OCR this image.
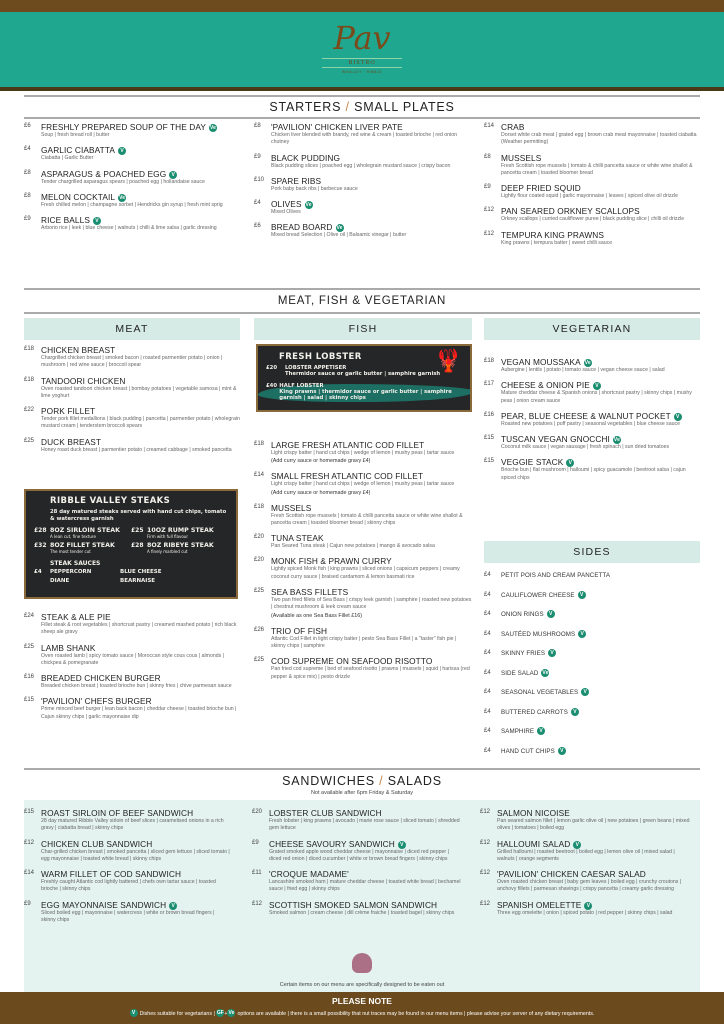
Pav
BISTRO
WHALLEY · RIBBLE
STARTERS / SMALL PLATES
£6	FRESHLY PREPARED SOUP OF THE DAY Ve
Soup | fresh bread roll | butter
£4	GARLIC CIABATTA V
Ciabatta | Garlic Butter
£8	ASPARAGUS & POACHED EGG V
Tender chargrilled asparagus spears | poached egg | hollandaise sauce
£8	MELON COCKTAIL Ve
Fresh chilled melon | champagne sorbet | Hendricks gin syrup | fresh mint sprig
£9	RICE BALLS V
Arborio rice | leek | blue cheese | walnuts | chilli & lime salsa | garlic dressing
£8	'PAVILION' CHICKEN LIVER PATE
Chicken liver blended with brandy, red wine & cream | toasted brioche | red onion chutney
£9	BLACK PUDDING
Black pudding slices | poached egg | wholegrain mustard sauce | crispy bacon
£10 SPARE RIBS
Pork baby back ribs | barbecue sauce
£4	OLIVES Ve
Mixed Olives
£6	BREAD BOARD Ve
Mixed bread Selection | Olive oil | Balsamic vinegar | butter
£14 CRAB
Dorset white crab meat | grated egg | brown crab meat mayonnaise | toasted ciabatta (Weather permitting)
£8	MUSSELS
Fresh Scottish rope mussels | tomato & chilli pancetta sauce or white wine shallot & pancetta cream | toasted bloomer bread
£9	DEEP FRIED SQUID
Lightly flour coated squid | garlic mayonnaise | leaves | spiced olive oil drizzle
£12 PAN SEARED ORKNEY SCALLOPS
Orkney scallops | curried cauliflower puree | black pudding slice | chilli oil drizzle
£12 TEMPURA KING PRAWNS
King prawns | tempura batter | sweet chilli sauce
MEAT, FISH & VEGETARIAN
MEAT	FISH	VEGETARIAN
£18 CHICKEN BREAST
Chargrilled chicken breast | smoked bacon | roasted parmentier potato | onion | mushroom | red wine sauce | broccoli spear
£18 TANDOORI CHICKEN
Oven roasted tandoori chicken breast | bombay potatoes | vegetable samosa | mint & lime yoghurt
£22 PORK FILLET
Tender pork fillet medallions | black pudding | pancetta | parmentier potato | wholegrain mustard cream | tenderstem broccoli spears
£25 DUCK BREAST
Honey roast duck breast | parmentier potato | creamed cabbage | smoked pancetta
RIBBLE VALLEY STEAKS
28 day matured steaks served with hand cut chips, tomato & watercress garnish
£28 8OZ SIRLOIN STEAK
A lean cut, fine texture
£25 10OZ RUMP STEAK
Firm with full flavour
£32 8OZ FILLET STEAK
The most tender cut
£28 8OZ RIBEYE STEAK
A finely marbled cut
STEAK SAUCES
£4	PEPPERCORN	BLUE CHEESE
DIANE	BEARNAISE
£24 STEAK & ALE PIE
Fillet steak & root vegetables | shortcrust pastry | creamed mashed potato | rich black sheep ale gravy
£25 LAMB SHANK
Oven roasted lamb | spicy tomato sauce | Moroccan style cous cous | almonds | chickpea & pomegranate
£16 BREADED CHICKEN BURGER
Breaded chicken breast | toasted brioche bun | skinny fries | chive parmesan sauce
£15 'PAVILION' CHEFS BURGER
Prime minced beef burger | lean back bacon | cheddar cheese | toasted brioche bun | Cajun skinny chips | garlic mayonnaise dip
FRESH LOBSTER
£20	LOBSTER APPETISER
Thermidor sauce or garlic butter | samphire garnish
£40 HALF LOBSTER
King prawns | thermidor sauce or garlic butter | samphire garnish | salad | skinny chips
🦞
£18 LARGE FRESH ATLANTIC COD FILLET
Light crispy batter | hand cut chips | wedge of lemon | mushy peas | tartar sauce
(Add curry sauce or homemade gravy £4)
£14 SMALL FRESH ATLANTIC COD FILLET
Light crispy batter | hand cut chips | wedge of lemon | mushy peas | tartar sauce
(Add curry sauce or homemade gravy £4)
£18 MUSSELS
Fresh Scottish rope mussels | tomato & chilli pancetta sauce or white wine shallot & pancetta cream | toasted bloomer bread | skinny chips
£20 TUNA STEAK
Pan Seared Tuna steak | Cajun new potatoes | mango & avocado salsa
£20 MONK FISH & PRAWN CURRY
Lightly spiced Monk fish | king prawns | sliced onions | capsicum peppers | creamy coconut curry sauce | braised cardamom & lemon basmati rice
£25 SEA BASS FILLETS
Two pan fried fillets of Sea Bass | crispy leek garnish | samphire | roasted new potatoes | chestnut mushroom & leek cream sauce
(Available as one Sea Bass Fillet £16)
£26 TRIO OF FISH
Atlantic Cod Fillet in light crispy batter | pesto Sea Bass Fillet | a "taster" fish pie | skinny chips | samphire
£25 COD SUPREME ON SEAFOOD RISOTTO
Pan fried cod supreme | bed of seafood risotto | prawns | mussels | squid | harissa (red pepper & spice mix) | pesto drizzle
£18 VEGAN MOUSSAKA Ve
Aubergine | lentils | potato | tomato sauce | vegan cheese sauce | salad
£17 CHEESE & ONION PIE V
Mature cheddar cheese & Spanish onions | shortcrust pastry | skinny chips | mushy peas | onion cream sauce
£16 PEAR, BLUE CHEESE & WALNUT POCKET V
Roasted new potatoes | puff pastry | seasonal vegetables | blue cheese sauce
£15 TUSCAN VEGAN GNOCCHI Ve
Coconut milk sauce | vegan sausage | fresh spinach | sun dried tomatoes
£15 VEGGIE STACK V
Brioche bun | flat mushroom | halloumi | spicy guacamole | beetroot salsa | cajun spiced chips
SIDES
£4	PETIT POIS AND CREAM PANCETTA
£4	CAULIFLOWER CHEESE V
£4	ONION RINGS V
£4	SAUTÉED MUSHROOMS V
£4	SKINNY FRIES V
£4	SIDE SALAD Ve
£4	SEASONAL VEGETABLES V
£4	BUTTERED CARROTS V
£4	SAMPHIRE V
£4	HAND CUT CHIPS V
SANDWICHES / SALADS
Not available after 6pm Friday & Saturday
£15 ROAST SIRLOIN OF BEEF SANDWICH
28 day matured Ribble Valley sirloin of beef slices | caramelised onions in a rich gravy | ciabatta bread | skinny chips
£12 CHICKEN CLUB SANDWICH
Char-grilled chicken breast | smoked pancetta | sliced gem lettuce | sliced tomato | egg mayonnaise | toasted white bread | skinny chips
£14 WARM FILLET OF COD SANDWICH
Freshly caught Atlantic cod lightly battered | chefs own tartar sauce | toasted brioche | skinny chips
£9	EGG MAYONNAISE SANDWICH V
Sliced boiled egg | mayonnaise | watercress | white or brown bread fingers | skinny chips
£20 LOBSTER CLUB SANDWICH
Fresh lobster | king prawns | avocado | marie rose sauce | sliced tomato | shredded gem lettuce
£9	CHEESE SAVOURY SANDWICH V
Grated smoked apple wood cheddar cheese | mayonnaise | diced red pepper | diced red onion | diced cucumber | white or brown bread fingers | skinny chips
£11 'CROQUE MADAME'
Lancashire smoked ham | mature cheddar cheese | toasted white bread | bechamel sauce | fried egg | skinny chips
£12 SCOTTISH SMOKED SALMON SANDWICH
Smoked salmon | cream cheese | dill crème fraiche | toasted bagel | skinny chips
£12 SALMON NICOISE
Pan seared salmon fillet | lemon garlic olive oil | new potatoes | green beans | mixed olives | tomatoes | boiled egg
£12 HALLOUMI SALAD V
Grilled halloumi | roasted beetroot | boiled egg | lemon olive oil | mixed salad | walnuts | orange segments
£12 'PAVILION' CHICKEN CAESAR SALAD
Oven roasted chicken breast | baby gem leaves | boiled egg | crunchy croutons | anchovy fillets | parmesan shavings | crispy pancetta | creamy garlic dressing
£12 SPANISH OMELETTE V
Three egg omelette | onion | spiced potato | red pepper | skinny chips | salad
Certain items on our menu are specifically designed to be eaten out
PLEASE NOTE
V Dishes suitable for vegetarians | GF+Ve options are available | there is a small possibility that nut traces may be found in our menu items | please advise your server of any dietary requirements.
